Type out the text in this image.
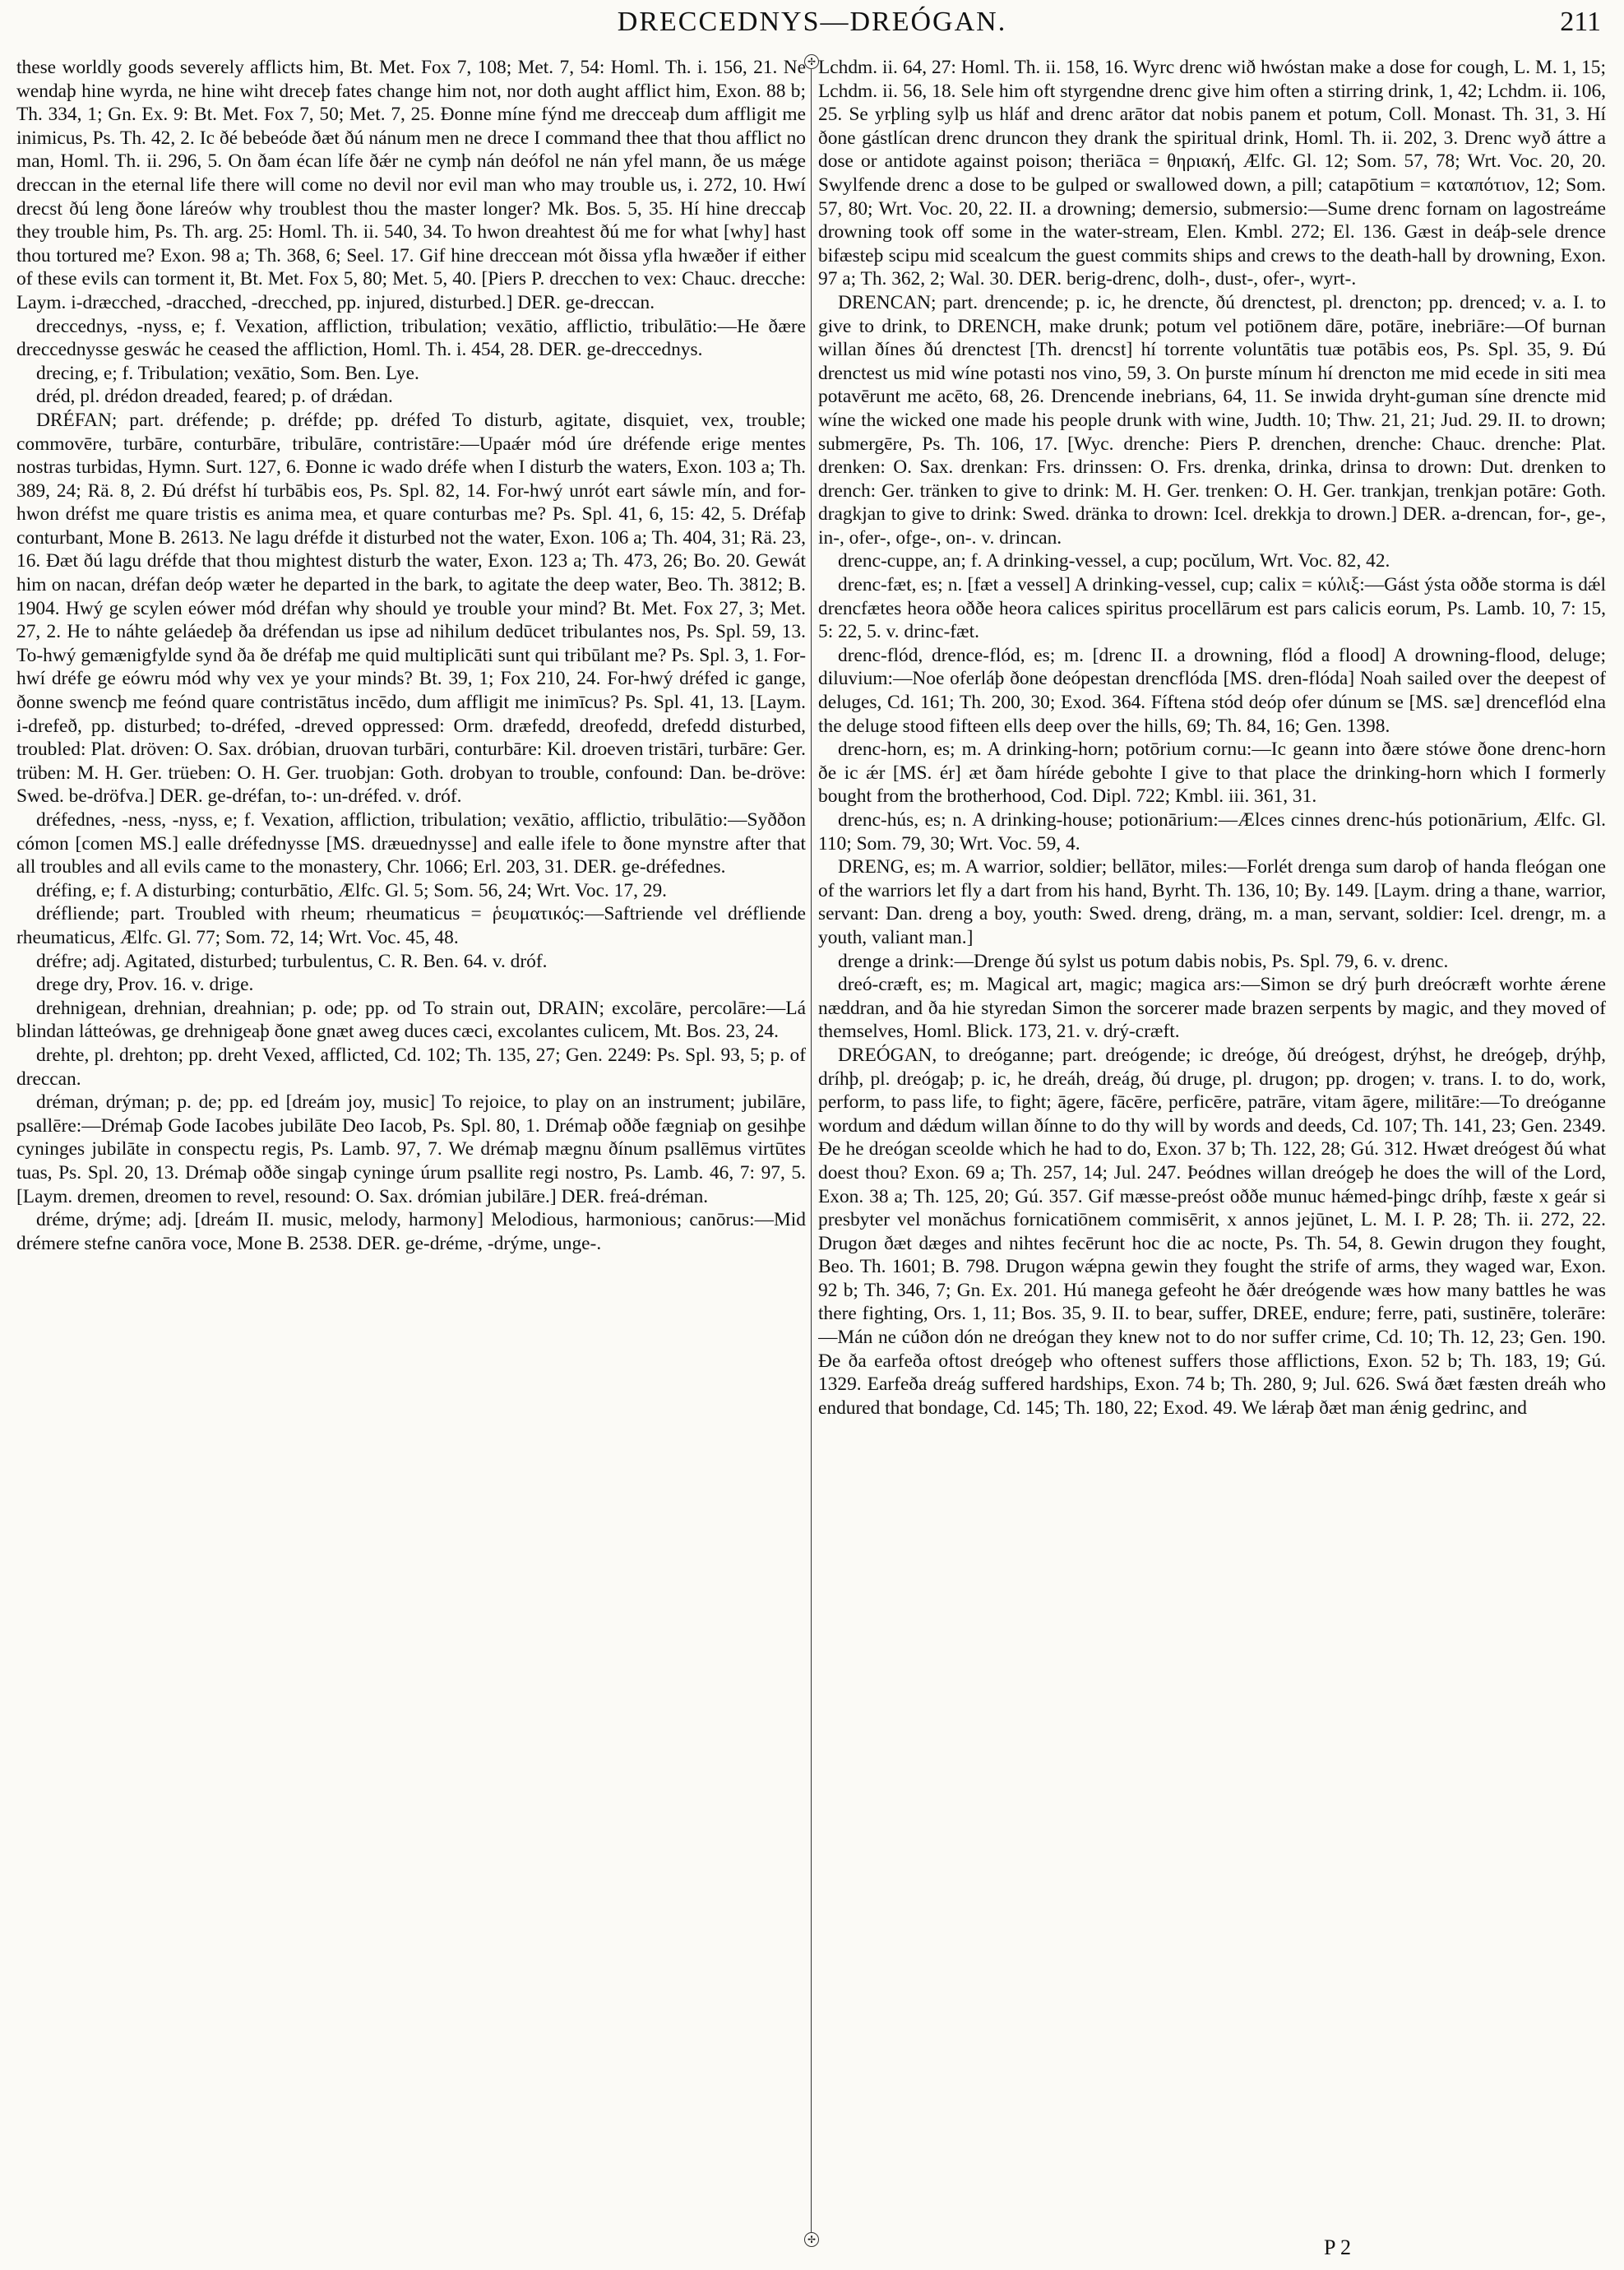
DRECCEDNYS—DREÓGAN.	211
✢
✢

these worldly goods severely afflicts him, Bt. Met. Fox 7, 108; Met. 7, 54: Homl. Th. i. 156, 21. Ne wendaþ hine wyrda, ne hine wiht dreceþ fates change him not, nor doth aught afflict him, Exon. 88 b; Th. 334, 1; Gn. Ex. 9: Bt. Met. Fox 7, 50; Met. 7, 25. Ðonne míne fýnd me drecceaþ dum affligit me inimicus, Ps. Th. 42, 2. Ic ðé bebeóde ðæt ðú nánum men ne drece I command thee that thou afflict no man, Homl. Th. ii. 296, 5. On ðam écan lífe ðǽr ne cymþ nán deófol ne nán yfel mann, ðe us mǽge dreccan in the eternal life there will come no devil nor evil man who may trouble us, i. 272, 10. Hwí drecst ðú leng ðone láreów why troublest thou the master longer? Mk. Bos. 5, 35. Hí hine dreccaþ they trouble him, Ps. Th. arg. 25: Homl. Th. ii. 540, 34. To hwon dreahtest ðú me for what [why] hast thou tortured me? Exon. 98 a; Th. 368, 6; Seel. 17. Gif hine dreccean mót ðissa yfla hwæðer if either of these evils can torment it, Bt. Met. Fox 5, 80; Met. 5, 40. [Piers P. drecchen to vex: Chauc. drecche: Laym. i-dræcched, -dracched, -drecched, pp. injured, disturbed.] DER. ge-dreccan.

dreccednys, -nyss, e; f. Vexation, affliction, tribulation; vexātio, afflictio, tribulātio:—He ðære dreccednysse geswác he ceased the affliction, Homl. Th. i. 454, 28. DER. ge-dreccednys.

drecing, e; f. Tribulation; vexātio, Som. Ben. Lye.

dréd, pl. drédon dreaded, feared; p. of drǽdan.

DRÉFAN; part. dréfende; p. dréfde; pp. dréfed To disturb, agitate, disquiet, vex, trouble; commovēre, turbāre, conturbāre, tribulāre, contristāre:—Upaǽr mód úre dréfende erige mentes nostras turbidas, Hymn. Surt. 127, 6. Ðonne ic wado dréfe when I disturb the waters, Exon. 103 a; Th. 389, 24; Rä. 8, 2. Ðú dréfst hí turbābis eos, Ps. Spl. 82, 14. For-hwý unrót eart sáwle mín, and for-hwon dréfst me quare tristis es anima mea, et quare conturbas me? Ps. Spl. 41, 6, 15: 42, 5. Dréfaþ conturbant, Mone B. 2613. Ne lagu dréfde it disturbed not the water, Exon. 106 a; Th. 404, 31; Rä. 23, 16. Ðæt ðú lagu dréfde that thou mightest disturb the water, Exon. 123 a; Th. 473, 26; Bo. 20. Gewát him on nacan, dréfan deóp wæter he departed in the bark, to agitate the deep water, Beo. Th. 3812; B. 1904. Hwý ge scylen eówer mód dréfan why should ye trouble your mind? Bt. Met. Fox 27, 3; Met. 27, 2. He to náhte geláedeþ ða dréfendan us ipse ad nihilum dedūcet tribulantes nos, Ps. Spl. 59, 13. To-hwý gemænigfylde synd ða ðe dréfaþ me quid multiplicāti sunt qui tribūlant me? Ps. Spl. 3, 1. For-hwí dréfe ge eówru mód why vex ye your minds? Bt. 39, 1; Fox 210, 24. For-hwý dréfed ic gange, ðonne swencþ me feónd quare contristātus incēdo, dum affligit me inimīcus? Ps. Spl. 41, 13. [Laym. i-drefeð, pp. disturbed; to-dréfed, -dreved oppressed: Orm. dræfedd, dreofedd, drefedd disturbed, troubled: Plat. dröven: O. Sax. dróbian, druovan turbāri, conturbāre: Kil. droeven tristāri, turbāre: Ger. trüben: M. H. Ger. trüeben: O. H. Ger. truobjan: Goth. drobyan to trouble, confound: Dan. be-dröve: Swed. be-dröfva.] DER. ge-dréfan, to-: un-dréfed. v. dróf.

dréfednes, -ness, -nyss, e; f. Vexation, affliction, tribulation; vexātio, afflictio, tribulātio:—Syððon cómon [comen MS.] ealle dréfednysse [MS. dræuednysse] and ealle ifele to ðone mynstre after that all troubles and all evils came to the monastery, Chr. 1066; Erl. 203, 31. DER. ge-dréfednes.

dréfing, e; f. A disturbing; conturbātio, Ælfc. Gl. 5; Som. 56, 24; Wrt. Voc. 17, 29.

dréfliende; part. Troubled with rheum; rheumaticus = ῥευματικός:—Saftriende vel dréfliende rheumaticus, Ælfc. Gl. 77; Som. 72, 14; Wrt. Voc. 45, 48.

dréfre; adj. Agitated, disturbed; turbulentus, C. R. Ben. 64. v. dróf.

drege dry, Prov. 16. v. drige.

drehnigean, drehnian, dreahnian; p. ode; pp. od To strain out, DRAIN; excolāre, percolāre:—Lá blindan látteówas, ge drehnigeaþ ðone gnæt aweg duces cæci, excolantes culicem, Mt. Bos. 23, 24.

drehte, pl. drehton; pp. dreht Vexed, afflicted, Cd. 102; Th. 135, 27; Gen. 2249: Ps. Spl. 93, 5; p. of dreccan.

dréman, drýman; p. de; pp. ed [dreám joy, music] To rejoice, to play on an instrument; jubilāre, psallēre:—Drémaþ Gode Iacobes jubilāte Deo Iacob, Ps. Spl. 80, 1. Drémaþ oððe fægniaþ on gesihþe cyninges jubilāte in conspectu regis, Ps. Lamb. 97, 7. We drémaþ mægnu ðínum psallēmus virtūtes tuas, Ps. Spl. 20, 13. Drémaþ oððe singaþ cyninge úrum psallite regi nostro, Ps. Lamb. 46, 7: 97, 5. [Laym. dremen, dreomen to revel, resound: O. Sax. drómian jubilāre.] DER. freá-dréman.

dréme, drýme; adj. [dreám II. music, melody, harmony] Melodious, harmonious; canōrus:—Mid drémere stefne canōra voce, Mone B. 2538. DER. ge-dréme, -drýme, unge-.

Lchdm. ii. 64, 27: Homl. Th. ii. 158, 16. Wyrc drenc wið hwóstan make a dose for cough, L. M. 1, 15; Lchdm. ii. 56, 18. Sele him oft styrgendne drenc give him often a stirring drink, 1, 42; Lchdm. ii. 106, 25. Se yrþling sylþ us hláf and drenc arātor dat nobis panem et potum, Coll. Monast. Th. 31, 3. Hí ðone gástlícan drenc druncon they drank the spiritual drink, Homl. Th. ii. 202, 3. Drenc wyð áttre a dose or antidote against poison; theriāca = θηριακή, Ælfc. Gl. 12; Som. 57, 78; Wrt. Voc. 20, 20. Swylfende drenc a dose to be gulped or swallowed down, a pill; catapōtium = καταπότιον, 12; Som. 57, 80; Wrt. Voc. 20, 22. II. a drowning; demersio, submersio:—Sume drenc fornam on lagostreáme drowning took off some in the water-stream, Elen. Kmbl. 272; El. 136. Gæst in deáþ-sele drence bifæsteþ scipu mid scealcum the guest commits ships and crews to the death-hall by drowning, Exon. 97 a; Th. 362, 2; Wal. 30. DER. berig-drenc, dolh-, dust-, ofer-, wyrt-.

DRENCAN; part. drencende; p. ic, he drencte, ðú drenctest, pl. drencton; pp. drenced; v. a. I. to give to drink, to DRENCH, make drunk; potum vel potiōnem dāre, potāre, inebriāre:—Of burnan willan ðínes ðú drenctest [Th. drencst] hí torrente voluntātis tuæ potābis eos, Ps. Spl. 35, 9. Ðú drenctest us mid wíne potasti nos vino, 59, 3. On þurste mínum hí drencton me mid ecede in siti mea potavērunt me acēto, 68, 26. Drencende inebrians, 64, 11. Se inwida dryht-guman síne drencte mid wíne the wicked one made his people drunk with wine, Judth. 10; Thw. 21, 21; Jud. 29. II. to drown; submergēre, Ps. Th. 106, 17. [Wyc. drenche: Piers P. drenchen, drenche: Chauc. drenche: Plat. drenken: O. Sax. drenkan: Frs. drinssen: O. Frs. drenka, drinka, drinsa to drown: Dut. drenken to drench: Ger. tränken to give to drink: M. H. Ger. trenken: O. H. Ger. trankjan, trenkjan potāre: Goth. dragkjan to give to drink: Swed. dränka to drown: Icel. drekkja to drown.] DER. a-drencan, for-, ge-, in-, ofer-, ofge-, on-. v. drincan.

drenc-cuppe, an; f. A drinking-vessel, a cup; pocŭlum, Wrt. Voc. 82, 42.

drenc-fæt, es; n. [fæt a vessel] A drinking-vessel, cup; calix = κύλιξ:—Gást ýsta oððe storma is dǽl drencfætes heora oððe heora calices spiritus procellārum est pars calicis eorum, Ps. Lamb. 10, 7: 15, 5: 22, 5. v. drinc-fæt.

drenc-flód, drence-flód, es; m. [drenc II. a drowning, flód a flood] A drowning-flood, deluge; diluvium:—Noe oferláþ ðone deópestan drencflóda [MS. dren-flóda] Noah sailed over the deepest of deluges, Cd. 161; Th. 200, 30; Exod. 364. Fíftena stód deóp ofer dúnum se [MS. sæ] drenceflód elna the deluge stood fifteen ells deep over the hills, 69; Th. 84, 16; Gen. 1398.

drenc-horn, es; m. A drinking-horn; potōrium cornu:—Ic geann into ðære stówe ðone drenc-horn ðe ic ǽr [MS. ér] æt ðam híréde gebohte I give to that place the drinking-horn which I formerly bought from the brotherhood, Cod. Dipl. 722; Kmbl. iii. 361, 31.

drenc-hús, es; n. A drinking-house; potionārium:—Ælces cinnes drenc-hús potionārium, Ælfc. Gl. 110; Som. 79, 30; Wrt. Voc. 59, 4.

DRENG, es; m. A warrior, soldier; bellātor, miles:—Forlét drenga sum daroþ of handa fleógan one of the warriors let fly a dart from his hand, Byrht. Th. 136, 10; By. 149. [Laym. dring a thane, warrior, servant: Dan. dreng a boy, youth: Swed. dreng, dräng, m. a man, servant, soldier: Icel. drengr, m. a youth, valiant man.]

drenge a drink:—Drenge ðú sylst us potum dabis nobis, Ps. Spl. 79, 6. v. drenc.

dreó-cræft, es; m. Magical art, magic; magica ars:—Simon se drý þurh dreócræft worhte ǽrene næddran, and ða hie styredan Simon the sorcerer made brazen serpents by magic, and they moved of themselves, Homl. Blick. 173, 21. v. drý-cræft.

DREÓGAN, to dreóganne; part. dreógende; ic dreóge, ðú dreógest, drýhst, he dreógeþ, drýhþ, dríhþ, pl. dreógaþ; p. ic, he dreáh, dreág, ðú druge, pl. drugon; pp. drogen; v. trans. I. to do, work, perform, to pass life, to fight; āgere, fācēre, perficēre, patrāre, vitam āgere, militāre:—To dreóganne wordum and dǽdum willan ðínne to do thy will by words and deeds, Cd. 107; Th. 141, 23; Gen. 2349. Ðe he dreógan sceolde which he had to do, Exon. 37 b; Th. 122, 28; Gú. 312. Hwæt dreógest ðú what doest thou? Exon. 69 a; Th. 257, 14; Jul. 247. Þeódnes willan dreógeþ he does the will of the Lord, Exon. 38 a; Th. 125, 20; Gú. 357. Gif mæsse-preóst oððe munuc hǽmed-þingc dríhþ, fæste x geár si presbyter vel monăchus fornicatiōnem commisērit, x annos jejūnet, L. M. I. P. 28; Th. ii. 272, 22. Drugon ðæt dæges and nihtes fecērunt hoc die ac nocte, Ps. Th. 54, 8. Gewin drugon they fought, Beo. Th. 1601; B. 798. Drugon wǽpna gewin they fought the strife of arms, they waged war, Exon. 92 b; Th. 346, 7; Gn. Ex. 201. Hú manega gefeoht he ðǽr dreógende wæs how many battles he was there fighting, Ors. 1, 11; Bos. 35, 9. II. to bear, suffer, DREE, endure; ferre, pati, sustinēre, tolerāre:—Mán ne cúðon dón ne dreógan they knew not to do nor suffer crime, Cd. 10; Th. 12, 23; Gen. 190. Ðe ða earfeða oftost dreógeþ who oftenest suffers those afflictions, Exon. 52 b; Th. 183, 19; Gú. 1329. Earfeða dreág suffered hardships, Exon. 74 b; Th. 280, 9; Jul. 626. Swá ðæt fæsten dreáh who endured that bondage, Cd. 145; Th. 180, 22; Exod. 49. We lǽraþ ðæt man ǽnig gedrinc, and

P 2
